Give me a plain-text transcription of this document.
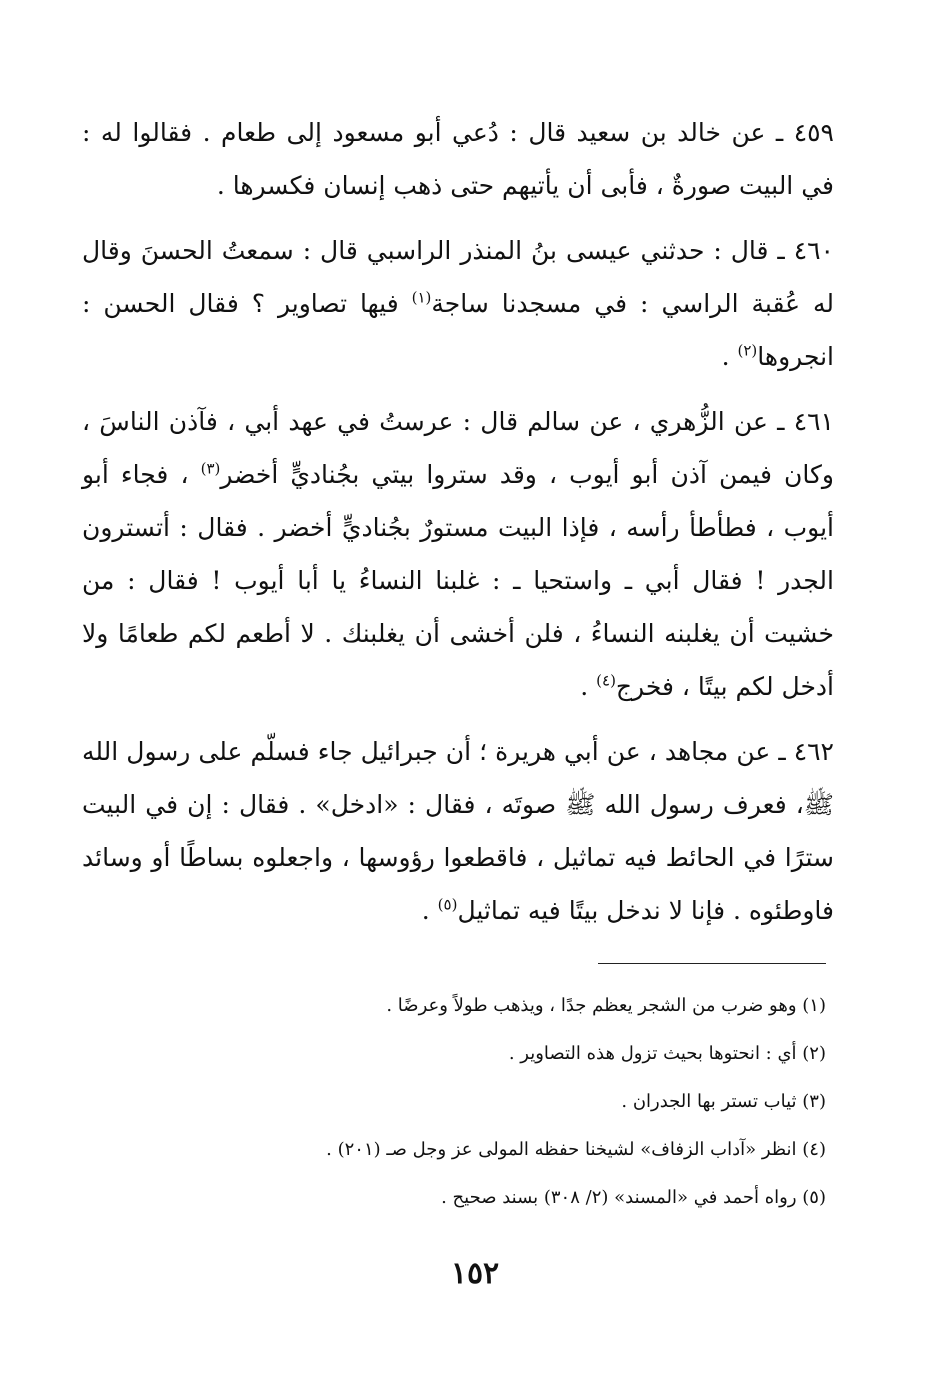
٤٥٩ ـ عن خالد بن سعيد قال : دُعي أبو مسعود إلى طعام . فقالوا له : في البيت صورةٌ ، فأبى أن يأتيهم حتى ذهب إنسان فكسرها .

٤٦٠ ـ قال : حدثني عيسى بنُ المنذر الراسبي قال : سمعتُ الحسنَ وقال له عُقبة الراسي : في مسجدنا ساجة$^{(١)}$ فيها تصاوير ؟ فقال الحسن : انجروها$^{(٢)}$ .

٤٦١ ـ عن الزُّهري ، عن سالم قال : عرستُ في عهد أبي ، فآذن الناسَ ، وكان فيمن آذن أبو أيوب ، وقد ستروا بيتي بجُناديٍّ أخضر$^{(٣)}$ ، فجاء أبو أيوب ، فطأطأ رأسه ، فإذا البيت مستورٌ بجُناديٍّ أخضر . فقال : أتسترون الجدر ! فقال أبي ـ واستحيا ـ : غلبنا النساءُ يا أبا أيوب ! فقال : من خشيت أن يغلبنه النساءُ ، فلن أخشى أن يغلبنك . لا أطعم لكم طعامًا ولا أدخل لكم بيتًا ، فخرج$^{(٤)}$ .

٤٦٢ ـ عن مجاهد ، عن أبي هريرة ؛ أن جبرائيل جاء فسلّم على رسول الله ﷺ، فعرف رسول الله ﷺ صوتَه ، فقال : «ادخل» . فقال : إن في البيت سترًا في الحائط فيه تماثيل ، فاقطعوا رؤوسها ، واجعلوه بساطًا أو وسائد فاوطئوه . فإنا لا ندخل بيتًا فيه تماثيل$^{(٥)}$ .

(١) وهو ضرب من الشجر يعظم جدًا ، ويذهب طولاً وعرضًا .

(٢) أي : انحتوها بحيث تزول هذه التصاوير .

(٣) ثياب تستر بها الجدران .

(٤) انظر «آداب الزفاف» لشيخنا حفظه المولى عز وجل صـ (٢٠١) .

(٥) رواه أحمد في «المسند» (٢/ ٣٠٨) بسند صحيح .

١٥٢
